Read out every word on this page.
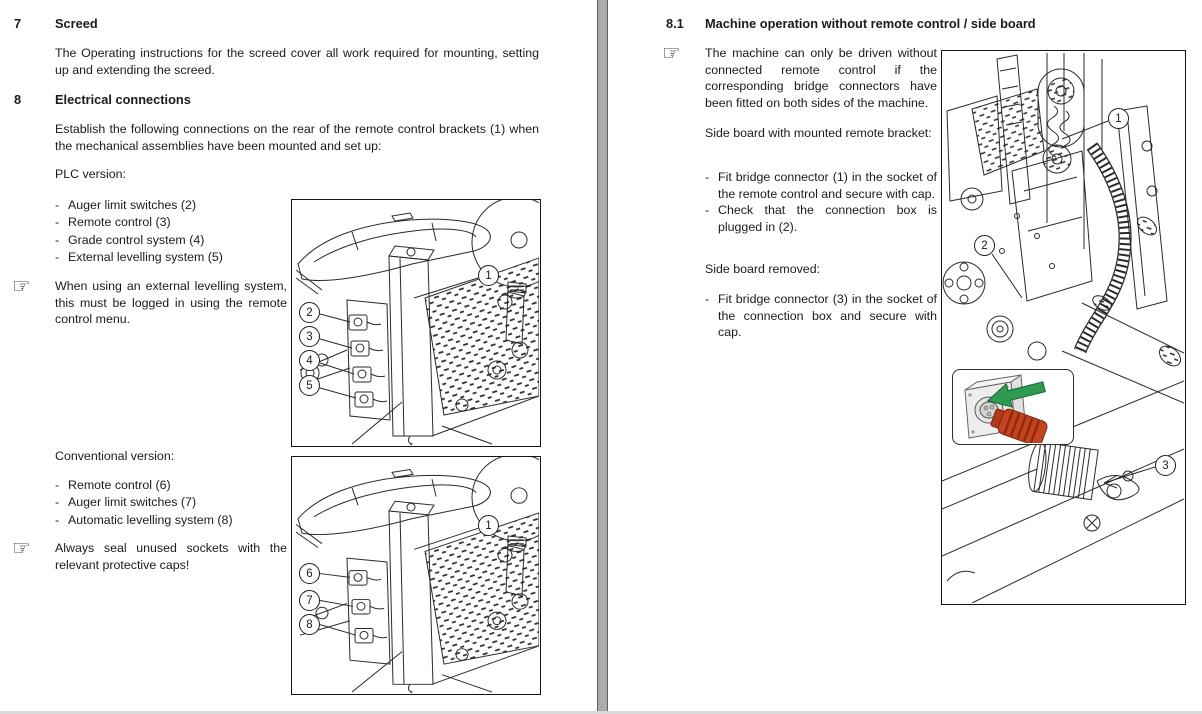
7	Screed
The Operating instructions for the screed cover all work required for mounting, setting up and extending the screed.
8	Electrical connections
Establish the following connections on the rear of the remote control brackets (1) when the mechanical assemblies have been mounted and set up:
PLC version:
- Auger limit switches (2)
- Remote control (3)
- Grade control system (4)
- External levelling system (5)
☞ When using an external levelling system, this must be logged in using the remote control menu.
Conventional version:
- Remote control (6)
- Auger limit switches (7)
- Automatic levelling system (8)
☞ Always seal unused sockets with the relevant protective caps!
1
2
3
4
5
1
6
7
8
8.1 Machine operation without remote control / side board
☞ The machine can only be driven without connected remote control if the corresponding bridge connectors have been fitted on both sides of the machine.
Side board with mounted remote bracket:
- Fit bridge connector (1) in the socket of the remote control and secure with cap.
- Check that the connection box is plugged in (2).
Side board removed:
- Fit bridge connector (3) in the socket of the connection box and secure with cap.
1
2
3
